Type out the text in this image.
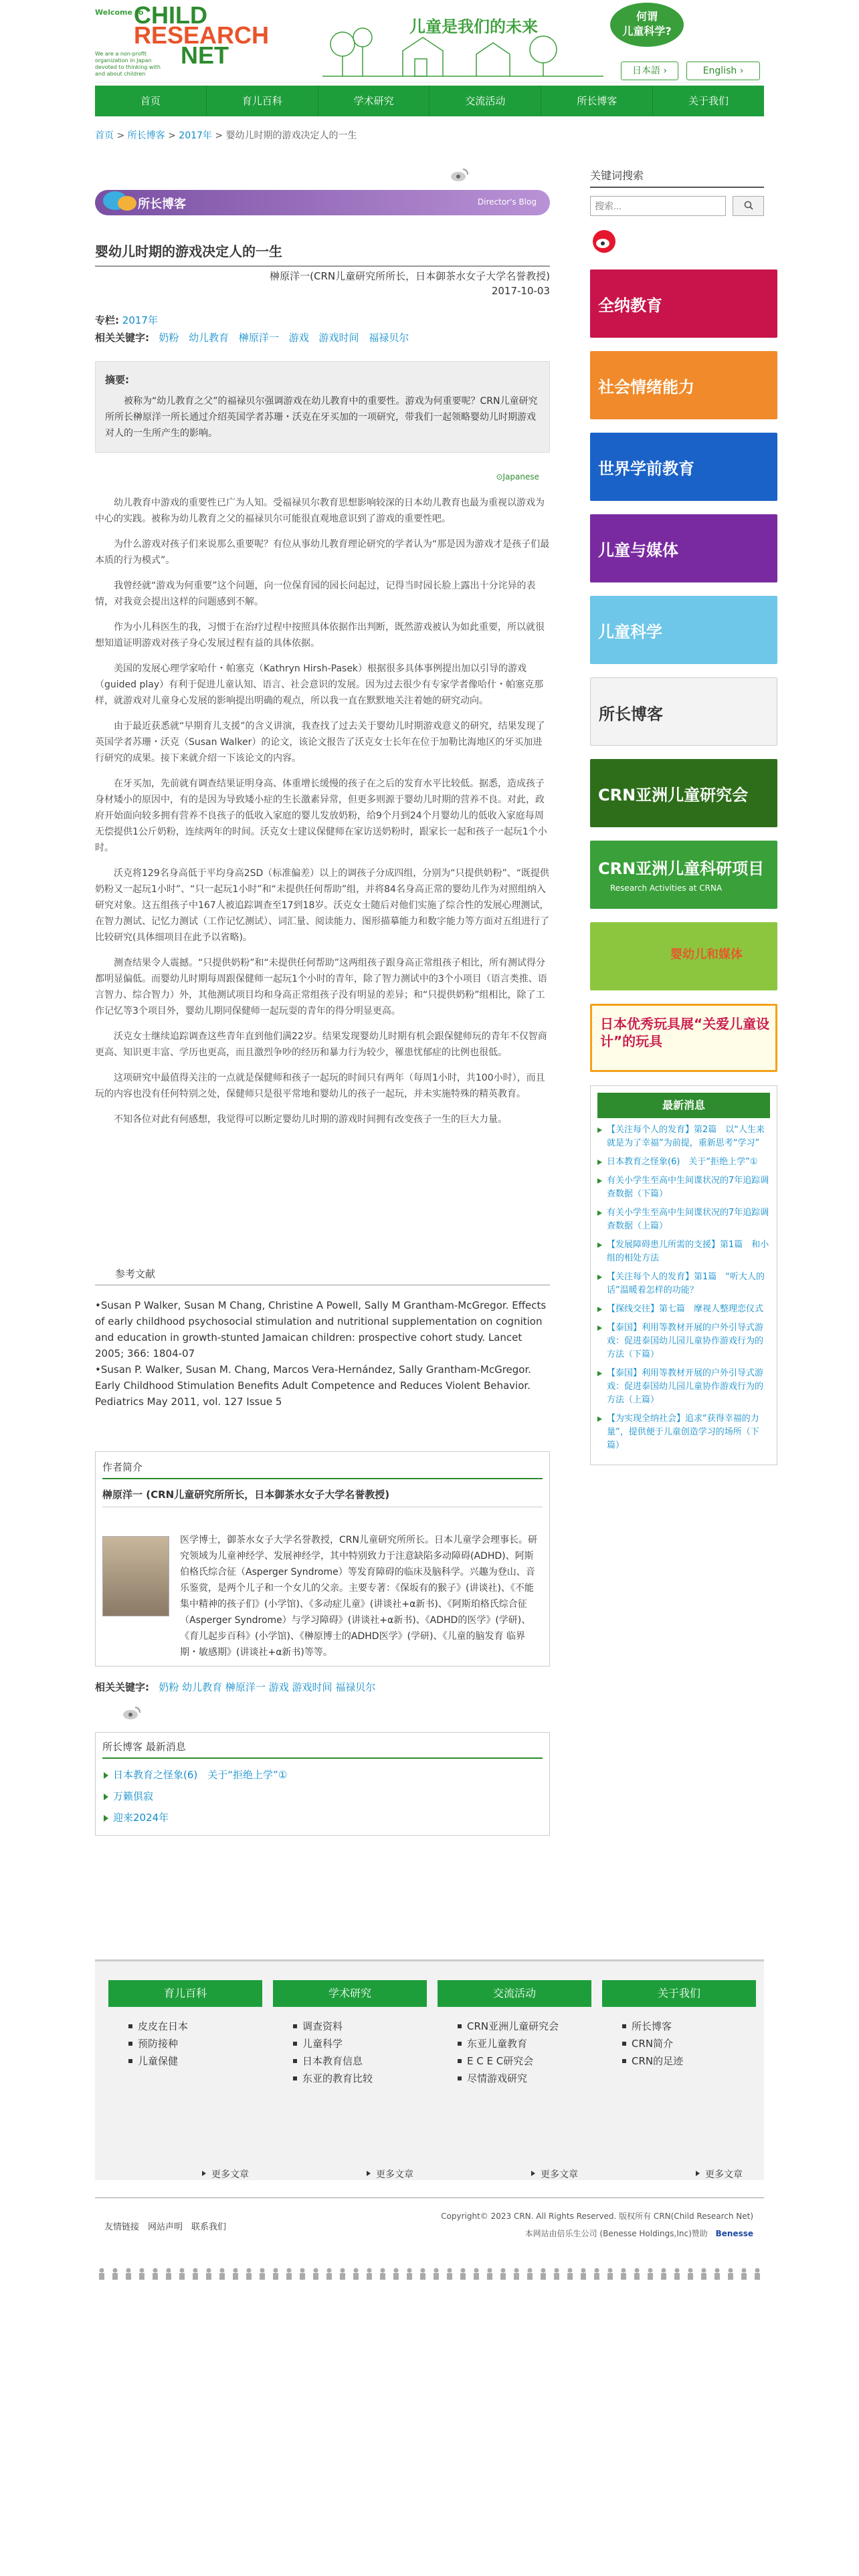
Welcome to
CHILD
RESEARCH
NET
We are a non-profit organization in Japan devoted to thinking with and about children
儿童是我们的未来
何谓
儿童科学?
日本語 ›	English ›
首页	育儿百科	学术研究	交流活动	所长博客	关于我们
首页 > 所长博客 > 2017年 > 婴幼儿时期的游戏决定人的一生
所长博客	Director's Blog
婴幼儿时期的游戏决定人的一生
榊原洋一(CRN儿童研究所所长，日本御茶水女子大学名誉教授)
2017-10-03
专栏: 2017年
相关关键字: 奶粉 幼儿教育 榊原洋一 游戏 游戏时间 福禄贝尔
摘要:

被称为“幼儿教育之父”的福禄贝尔强调游戏在幼儿教育中的重要性。游戏为何重要呢？CRN儿童研究所所长榊原洋一所长通过介绍英国学者苏珊・沃克在牙买加的一项研究，带我们一起领略婴幼儿时期游戏对人的一生所产生的影响。

⊙Japanese

幼儿教育中游戏的重要性已广为人知。受福禄贝尔教育思想影响较深的日本幼儿教育也最为重视以游戏为中心的实践。被称为幼儿教育之父的福禄贝尔可能很直观地意识到了游戏的重要性吧。

为什么游戏对孩子们来说那么重要呢？有位从事幼儿教育理论研究的学者认为“那是因为游戏才是孩子们最本质的行为模式”。

我曾经就“游戏为何重要”这个问题，向一位保育园的园长问起过，记得当时园长脸上露出十分诧异的表情，对我竟会提出这样的问题感到不解。

作为小儿科医生的我，习惯于在治疗过程中按照具体依据作出判断，既然游戏被认为如此重要，所以就很想知道证明游戏对孩子身心发展过程有益的具体依据。

美国的发展心理学家哈什・帕塞克（Kathryn Hirsh-Pasek）根据很多具体事例提出加以引导的游戏（guided play）有利于促进儿童认知、语言、社会意识的发展。因为过去很少有专家学者像哈什・帕塞克那样，就游戏对儿童身心发展的影响提出明确的观点，所以我一直在默默地关注着她的研究动向。

由于最近获悉就“早期育儿支援”的含义讲演，我查找了过去关于婴幼儿时期游戏意义的研究，结果发现了英国学者苏珊・沃克（Susan Walker）的论文，该论文报告了沃克女士长年在位于加勒比海地区的牙买加进行研究的成果。接下来就介绍一下该论文的内容。

在牙买加，先前就有调查结果证明身高、体重增长缓慢的孩子在之后的发育水平比较低。据悉，造成孩子身材矮小的原因中，有的是因为导致矮小症的生长激素异常，但更多则源于婴幼儿时期的营养不良。对此，政府开始面向较多拥有营养不良孩子的低收入家庭的婴儿发放奶粉，给9个月到24个月婴幼儿的低收入家庭每周无偿提供1公斤奶粉，连续两年的时间。沃克女士建议保健师在家访送奶粉时，跟家长一起和孩子一起玩1个小时。

沃克将129名身高低于平均身高2SD（标准偏差）以上的调孩子分成四组，分别为“只提供奶粉”、“既提供奶粉又一起玩1小时”、“只一起玩1小时”和“未提供任何帮助”组，并将84名身高正常的婴幼儿作为对照组纳入研究对象。这五组孩子中167人被追踪调查至17到18岁。沃克女士随后对他们实施了综合性的发展心理测试，在智力测试、记忆力测试（工作记忆测试）、词汇量、阅读能力、图形描摹能力和数字能力等方面对五组进行了比较研究(具体细项目在此予以省略)。

测查结果令人震撼。“只提供奶粉”和“未提供任何帮助”这两组孩子跟身高正常组孩子相比，所有测试得分都明显偏低。而婴幼儿时期每周跟保健师一起玩1个小时的青年，除了智力测试中的3个小项目（语言类推、语言智力、综合智力）外，其他测试项目均和身高正常组孩子没有明显的差异；和“只提供奶粉”组相比，除了工作记忆等3个项目外，婴幼儿期同保健师一起玩耍的青年的得分明显更高。

沃克女士继续追踪调查这些青年直到他们满22岁。结果发现婴幼儿时期有机会跟保健师玩的青年不仅智商更高、知识更丰富、学历也更高，而且激烈争吵的经历和暴力行为较少，罹患忧郁症的比例也很低。

这项研究中最值得关注的一点就是保健师和孩子一起玩的时间只有两年（每周1小时，共100小时），而且玩的内容也没有任何特别之处，保健师只是很平常地和婴幼儿的孩子一起玩，并未实施特殊的精英教育。

不知各位对此有何感想，我觉得可以断定婴幼儿时期的游戏时间拥有改变孩子一生的巨大力量。

参考文献

•Susan P Walker, Susan M Chang, Christine A Powell, Sally M Grantham-McGregor. Effects of early childhood psychosocial stimulation and nutritional supplementation on cognition and education in growth-stunted Jamaican children: prospective cohort study. Lancet 2005; 366: 1804-07

•Susan P. Walker, Susan M. Chang, Marcos Vera-Hernández, Sally Grantham-McGregor. Early Childhood Stimulation Benefits Adult Competence and Reduces Violent Behavior. Pediatrics May 2011, vol. 127 Issue 5

作者简介
榊原洋一 (CRN儿童研究所所长，日本御茶水女子大学名誉教授)

医学博士，御茶水女子大学名誉教授，CRN儿童研究所所长。日本儿童学会理事长。研究领域为儿童神经学、发展神经学，其中特别致力于注意缺陷多动障碍(ADHD)、阿斯伯格氏综合征（Asperger Syndrome）等发育障碍的临床及脑科学。兴趣为登山、音乐鉴赏，是两个儿子和一个女儿的父亲。主要专著：《保坂有的猴子》(讲谈社)、《不能集中精神的孩子们》(小学馆)、《多动症儿童》(讲谈社+α新书)、《阿斯珀格氏综合征（Asperger Syndrome）与学习障碍》(讲谈社+α新书)、《ADHD的医学》(学研)、《育儿起步百科》(小学馆)、《榊原博士的ADHD医学》(学研)、《儿童的脑发育 临界期・敏感期》(讲谈社+α新书)等等。

相关关键字: 奶粉 幼儿教育 榊原洋一 游戏 游戏时间 福禄贝尔
所长博客 最新消息
日本教育之怪象(6)　关于“拒绝上学”①
万籁俱寂
迎来2024年
关键词搜索
搜索...
全纳教育
社会情绪能力
世界学前教育
儿童与媒体
儿童科学
所长博客
CRN亚洲儿童研究会
CRN亚洲儿童科研项目
Research Activities at CRNA
婴幼儿和媒体
日本优秀玩具展“关爱儿童设计”的玩具
最新消息
【关注每个人的发育】第2篇　以“人生来就是为了幸福”为前提，重新思考“学习”
日本教育之怪象(6)　关于“拒绝上学”①
有关小学生至高中生间谍状况的7年追踪调查数据（下篇）
有关小学生至高中生间谍状况的7年追踪调查数据（上篇）
【发展障碍患儿所需的支援】第1篇　和小组的相处方法
【关注每个人的发育】第1篇　“听大人的话”温暖着怎样的功能？
【探线交往】第七篇　摩视人整理恋仪式
【泰国】利用等教材开展的户外引导式游戏：促进泰国幼儿园儿童协作游戏行为的方法（下篇）
【泰国】利用等教材开展的户外引导式游戏：促进泰国幼儿园儿童协作游戏行为的方法（上篇）
【为实现全纳社会】追求“获得幸福的力量”，提供便于儿童创造学习的场所（下篇）
育儿百科
皮皮在日本
预防接种
儿童保健
更多文章
学术研究
调查资料
儿童科学
日本教育信息
东亚的教育比较
更多文章
交流活动
CRN亚洲儿童研究会
东亚儿童教育
E C E C研究会
尽情游戏研究
更多文章
关于我们
所长博客
CRN简介
CRN的足迹
更多文章
友情链接　网站声明　联系我们
Copyright© 2023 CRN. All Rights Reserved. 版权所有 CRN(Child Research Net)
本网站由倍乐生公司 (Benesse Holdings,Inc)赞助 Benesse
